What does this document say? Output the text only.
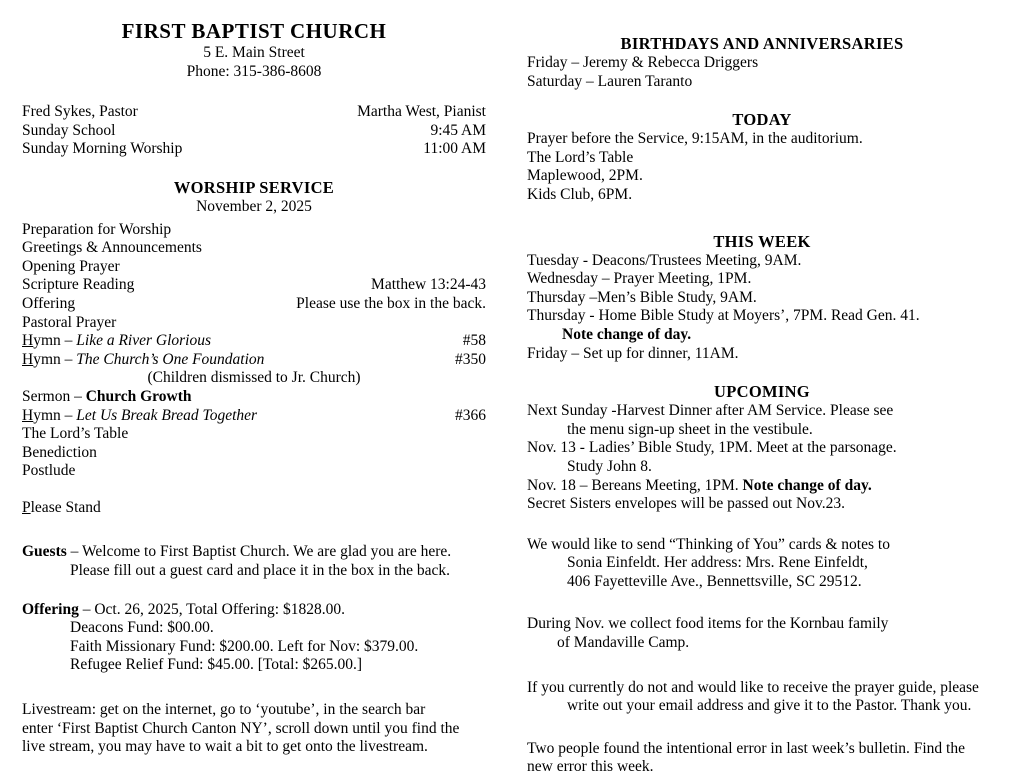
FIRST BAPTIST CHURCH
5 E. Main Street
Phone: 315-386-8608
Fred Sykes, Pastor	Martha West, Pianist
Sunday School	9:45 AM
Sunday Morning Worship	11:00 AM
WORSHIP SERVICE
November 2, 2025
Preparation for Worship
Greetings & Announcements
Opening Prayer
Scripture Reading	Matthew 13:24-43
Offering	Please use the box in the back.
Pastoral Prayer
Hymn – Like a River Glorious	#58
Hymn – The Church’s One Foundation	#350
(Children dismissed to Jr. Church)
Sermon – Church Growth
Hymn – Let Us Break Bread Together	#366
The Lord’s Table
Benediction
Postlude
Please Stand
Guests – Welcome to First Baptist Church. We are glad you are here.
Please fill out a guest card and place it in the box in the back.
Offering – Oct. 26, 2025, Total Offering: $1828.00.
Deacons Fund: $00.00.
Faith Missionary Fund: $200.00. Left for Nov: $379.00.
Refugee Relief Fund: $45.00. [Total: $265.00.]
Livestream: get on the internet, go to ‘youtube’, in the search bar
enter ‘First Baptist Church Canton NY’, scroll down until you find the
live stream, you may have to wait a bit to get onto the livestream.
BIRTHDAYS AND ANNIVERSARIES
Friday – Jeremy & Rebecca Driggers
Saturday – Lauren Taranto
TODAY
Prayer before the Service, 9:15AM, in the auditorium.
The Lord’s Table
Maplewood, 2PM.
Kids Club, 6PM.
THIS WEEK
Tuesday - Deacons/Trustees Meeting, 9AM.
Wednesday – Prayer Meeting, 1PM.
Thursday –Men’s Bible Study, 9AM.
Thursday - Home Bible Study at Moyers’, 7PM. Read Gen. 41.
Note change of day.
Friday – Set up for dinner, 11AM.
UPCOMING
Next Sunday -Harvest Dinner after AM Service. Please see
the menu sign-up sheet in the vestibule.
Nov. 13 - Ladies’ Bible Study, 1PM. Meet at the parsonage.
Study John 8.
Nov. 18 – Bereans Meeting, 1PM. Note change of day.
Secret Sisters envelopes will be passed out Nov.23.
We would like to send “Thinking of You” cards & notes to
Sonia Einfeldt. Her address: Mrs. Rene Einfeldt,
406 Fayetteville Ave., Bennettsville, SC 29512.
During Nov. we collect food items for the Kornbau family
of Mandaville Camp.
If you currently do not and would like to receive the prayer guide, please
write out your email address and give it to the Pastor. Thank you.
Two people found the intentional error in last week’s bulletin. Find the
new error this week.
